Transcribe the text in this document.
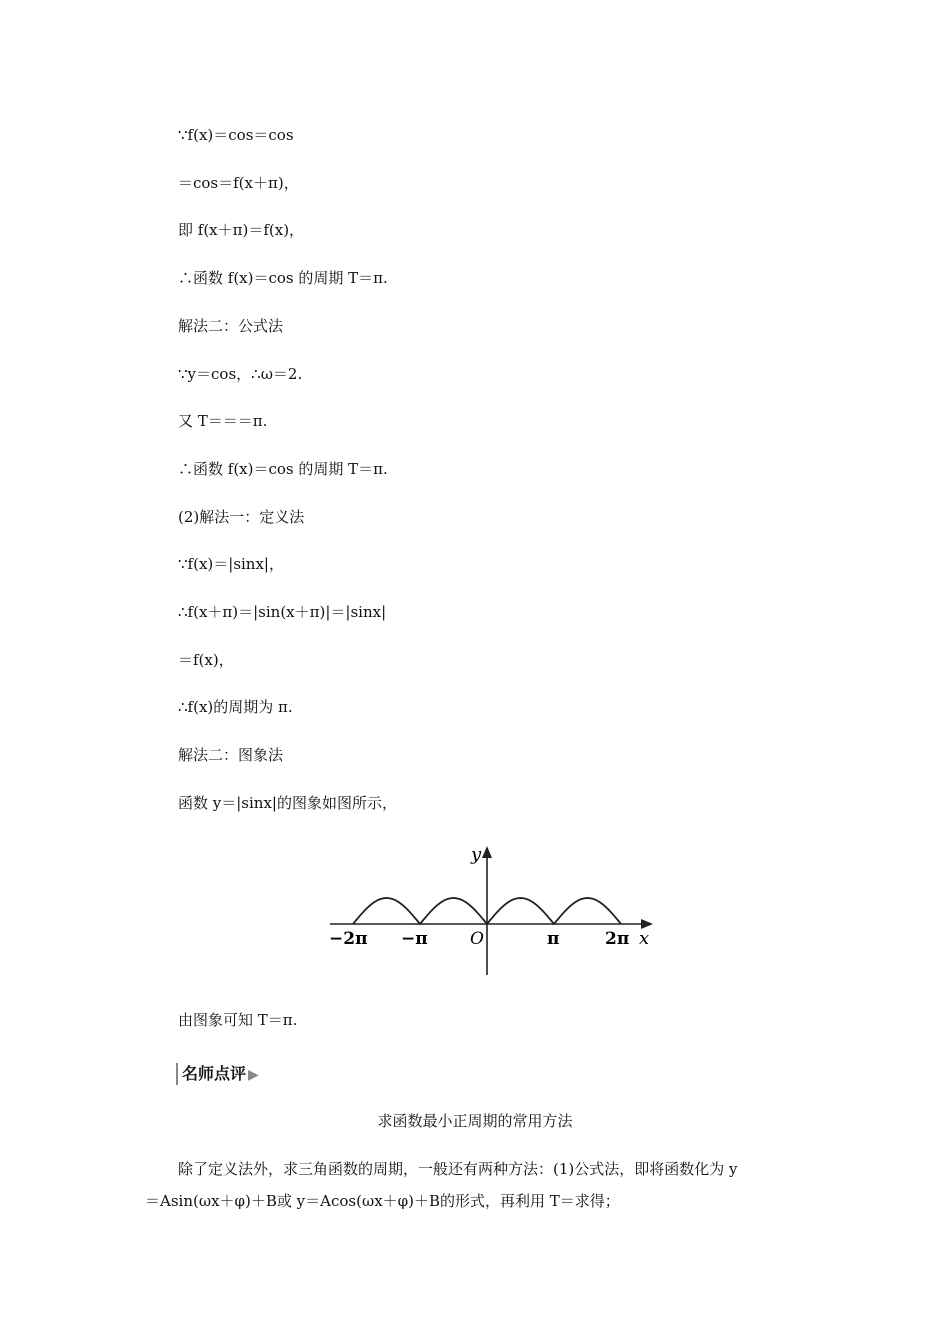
∵f(x)＝cos＝cos
＝cos＝f(x＋π)，
即 f(x＋π)＝f(x)，
∴函数 f(x)＝cos 的周期 T＝π.
解法二：公式法
∵y＝cos，∴ω＝2.
又 T＝＝＝π.
∴函数 f(x)＝cos 的周期 T＝π.
(2)解法一：定义法
∵f(x)＝|sinx|，
∴f(x＋π)＝|sin(x＋π)|＝|sinx|
＝f(x)，
∴f(x)的周期为 π.
解法二：图象法
函数 y＝|sinx|的图象如图所示，
y
x
O
−2π −π	π	2π
由图象可知 T＝π.
名师点评 ▶
求函数最小正周期的常用方法
除了定义法外，求三角函数的周期，一般还有两种方法：(1)公式法，即将函数化为 y
＝Asin(ωx＋φ)＋B或 y＝Acos(ωx＋φ)＋B的形式，再利用 T＝求得；
